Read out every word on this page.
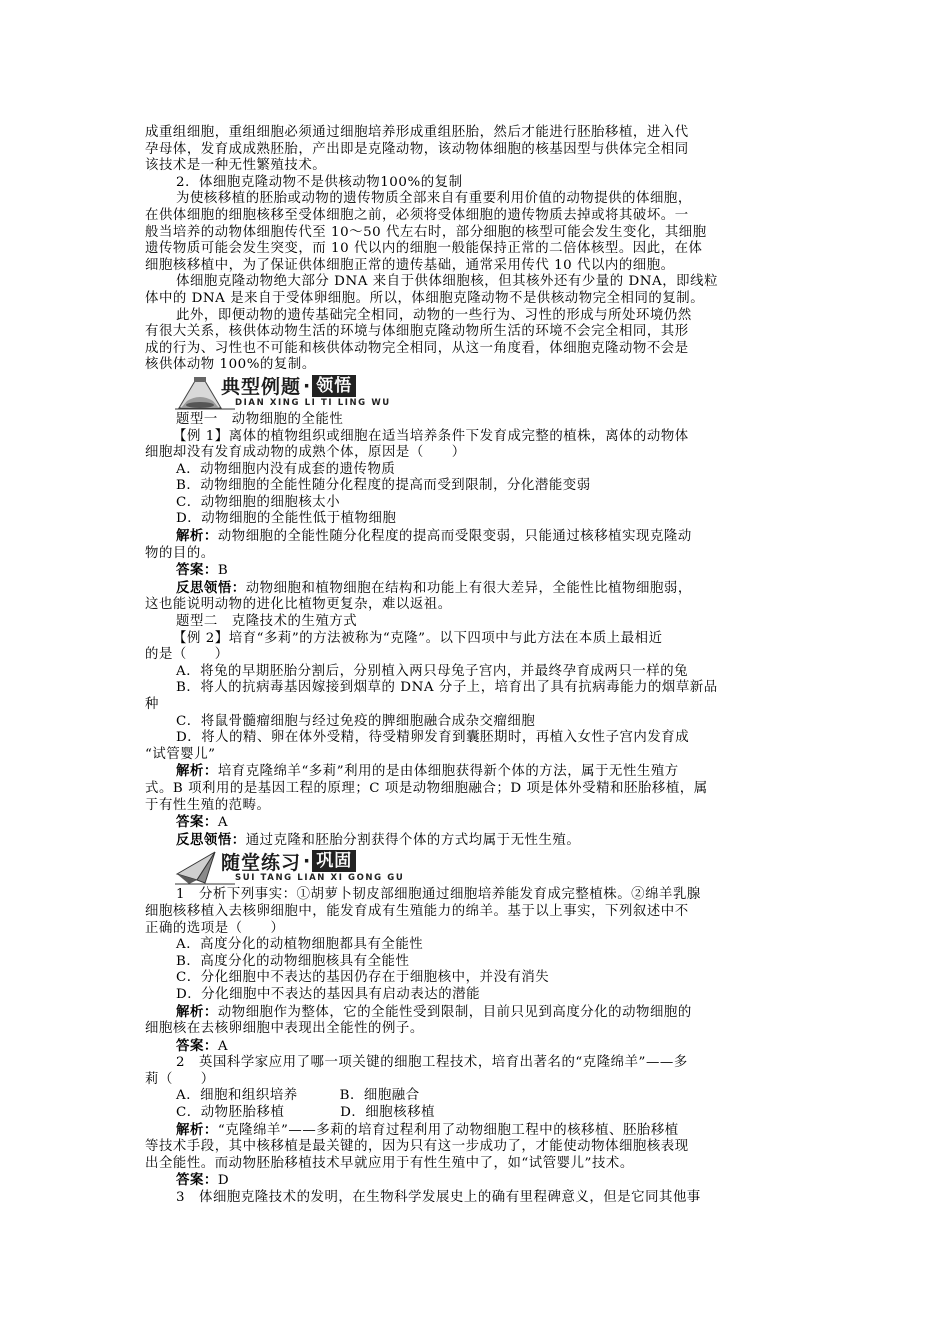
成重组细胞，重组细胞必须通过细胞培养形成重组胚胎，然后才能进行胚胎移植，进入代
孕母体，发育成成熟胚胎，产出即是克隆动物，该动物体细胞的核基因型与供体完全相同
该技术是一种无性繁殖技术。
2．体细胞克隆动物不是供核动物100%的复制
为使核移植的胚胎或动物的遗传物质全部来自有重要利用价值的动物提供的体细胞，
在供体细胞的细胞核移至受体细胞之前，必须将受体细胞的遗传物质去掉或将其破坏。一
般当培养的动物体细胞传代至 10～50 代左右时，部分细胞的核型可能会发生变化，其细胞
遗传物质可能会发生突变，而 10 代以内的细胞一般能保持正常的二倍体核型。因此，在体
细胞核移植中，为了保证供体细胞正常的遗传基础，通常采用传代 10 代以内的细胞。
体细胞克隆动物绝大部分 DNA 来自于供体细胞核，但其核外还有少量的 DNA，即线粒
体中的 DNA 是来自于受体卵细胞。所以，体细胞克隆动物不是供核动物完全相同的复制。
此外，即便动物的遗传基础完全相同，动物的一些行为、习性的形成与所处环境仍然
有很大关系，核供体动物生活的环境与体细胞克隆动物所生活的环境不会完全相同，其形
成的行为、习性也不可能和核供体动物完全相同，从这一角度看，体细胞克隆动物不会是
核供体动物 100%的复制。
典型例题 · 领悟
DIAN XING LI TI LING WU
题型一　动物细胞的全能性
【例 1】离体的植物组织或细胞在适当培养条件下发育成完整的植株，离体的动物体
细胞却没有发育成动物的成熟个体，原因是（　　）
A．动物细胞内没有成套的遗传物质
B．动物细胞的全能性随分化程度的提高而受到限制，分化潜能变弱
C．动物细胞的细胞核太小
D．动物细胞的全能性低于植物细胞
解析：动物细胞的全能性随分化程度的提高而受限变弱，只能通过核移植实现克隆动
物的目的。
答案：B
反思领悟：动物细胞和植物细胞在结构和功能上有很大差异，全能性比植物细胞弱，
这也能说明动物的进化比植物更复杂，难以返祖。
题型二　克隆技术的生殖方式
【例 2】培育“多莉”的方法被称为“克隆”。以下四项中与此方法在本质上最相近
的是（　　）
A．将兔的早期胚胎分割后，分别植入两只母兔子宫内，并最终孕育成两只一样的兔
B．将人的抗病毒基因嫁接到烟草的 DNA 分子上，培育出了具有抗病毒能力的烟草新品
种
C．将鼠骨髓瘤细胞与经过免疫的脾细胞融合成杂交瘤细胞
D．将人的精、卵在体外受精，待受精卵发育到囊胚期时，再植入女性子宫内发育成
“试管婴儿”
解析：培育克隆绵羊“多莉”利用的是由体细胞获得新个体的方法，属于无性生殖方
式。B 项利用的是基因工程的原理；C 项是动物细胞融合；D 项是体外受精和胚胎移植，属
于有性生殖的范畴。
答案：A
反思领悟：通过克隆和胚胎分割获得个体的方式均属于无性生殖。
随堂练习 · 巩固
SUI TANG LIAN XI GONG GU
1　分析下列事实：①胡萝卜韧皮部细胞通过细胞培养能发育成完整植株。②绵羊乳腺
细胞核移植入去核卵细胞中，能发育成有生殖能力的绵羊。基于以上事实，下列叙述中不
正确的选项是（　　）
A．高度分化的动植物细胞都具有全能性
B．高度分化的动物细胞核具有全能性
C．分化细胞中不表达的基因仍存在于细胞核中，并没有消失
D．分化细胞中不表达的基因具有启动表达的潜能
解析：动物细胞作为整体，它的全能性受到限制，目前只见到高度分化的动物细胞的
细胞核在去核卵细胞中表现出全能性的例子。
答案：A
2　英国科学家应用了哪一项关键的细胞工程技术，培育出著名的“克隆绵羊”——多
莉（　　）
A．细胞和组织培养　　　B．细胞融合
C．动物胚胎移植　　　　D．细胞核移植
解析：“克隆绵羊”——多莉的培育过程利用了动物细胞工程中的核移植、胚胎移植
等技术手段，其中核移植是最关键的，因为只有这一步成功了，才能使动物体细胞核表现
出全能性。而动物胚胎移植技术早就应用于有性生殖中了，如“试管婴儿”技术。
答案：D
3　体细胞克隆技术的发明，在生物科学发展史上的确有里程碑意义，但是它同其他事
